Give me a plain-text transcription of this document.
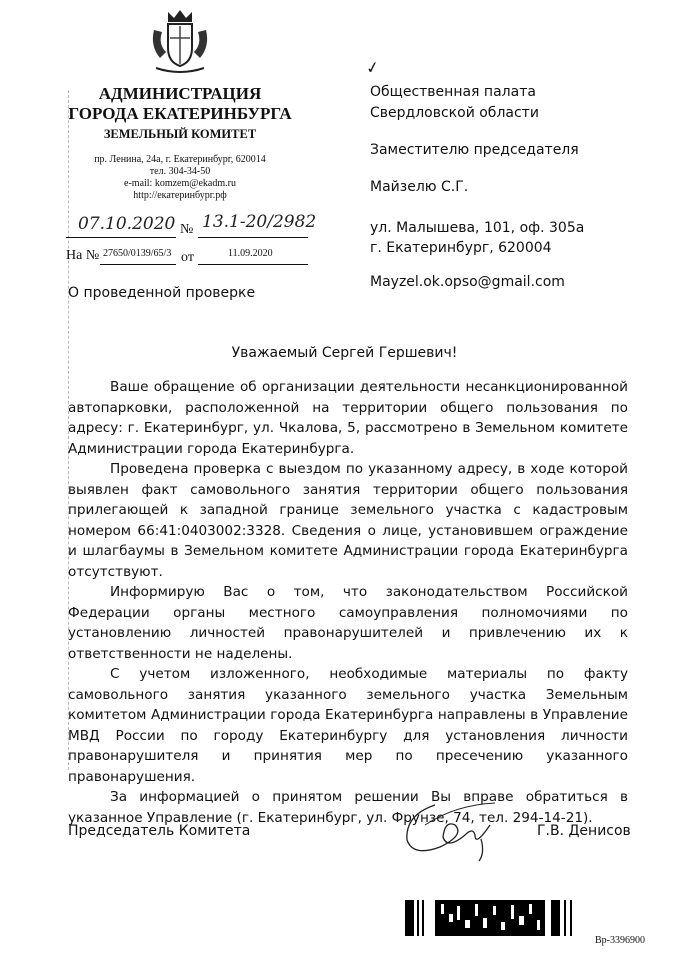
АДМИНИСТРАЦИЯ
ГОРОДА ЕКАТЕРИНБУРГА
ЗЕМЕЛЬНЫЙ КОМИТЕТ
пр. Ленина, 24а, г. Екатеринбург, 620014
тел. 304-34-50
e-mail: komzem@ekadm.ru
http://екатеринбург.рф
07.10.2020 № 13.1-20/2982
На № 27650/0139/65/3 от	11.09.2020
О проведенной проверке
✓
Общественная палата
Свердловской области
Заместителю председателя
Майзелю С.Г.
ул. Малышева, 101, оф. 305а
г. Екатеринбург, 620004
Mayzel.ok.opso@gmail.com
Уважаемый Сергей Гершевич!

Ваше обращение об организации деятельности несанкционированной автопарковки, расположенной на территории общего пользования по адресу: г. Екатеринбург, ул. Чкалова, 5, рассмотрено в Земельном комитете Администрации города Екатеринбурга.

Проведена проверка с выездом по указанному адресу, в ходе которой выявлен факт самовольного занятия территории общего пользования прилегающей к западной границе земельного участка с кадастровым номером 66:41:0403002:3328. Сведения о лице, установившем ограждение и шлагбаумы в Земельном комитете Администрации города Екатеринбурга отсутствуют.

Информирую Вас о том, что законодательством Российской Федерации органы местного самоуправления полномочиями по установлению личностей правонарушителей и привлечению их к ответственности не наделены.

С учетом изложенного, необходимые материалы по факту самовольного занятия указанного земельного участка Земельным комитетом Администрации города Екатеринбурга направлены в Управление МВД России по городу Екатеринбургу для установления личности правонарушителя и принятия мер по пресечению указанного правонарушения.

За информацией о принятом решении Вы вправе обратиться в указанное Управление (г. Екатеринбург, ул. Фрунзе, 74, тел. 294-14-21).

Председатель Комитета	Г.В. Денисов
Вр-3396900
